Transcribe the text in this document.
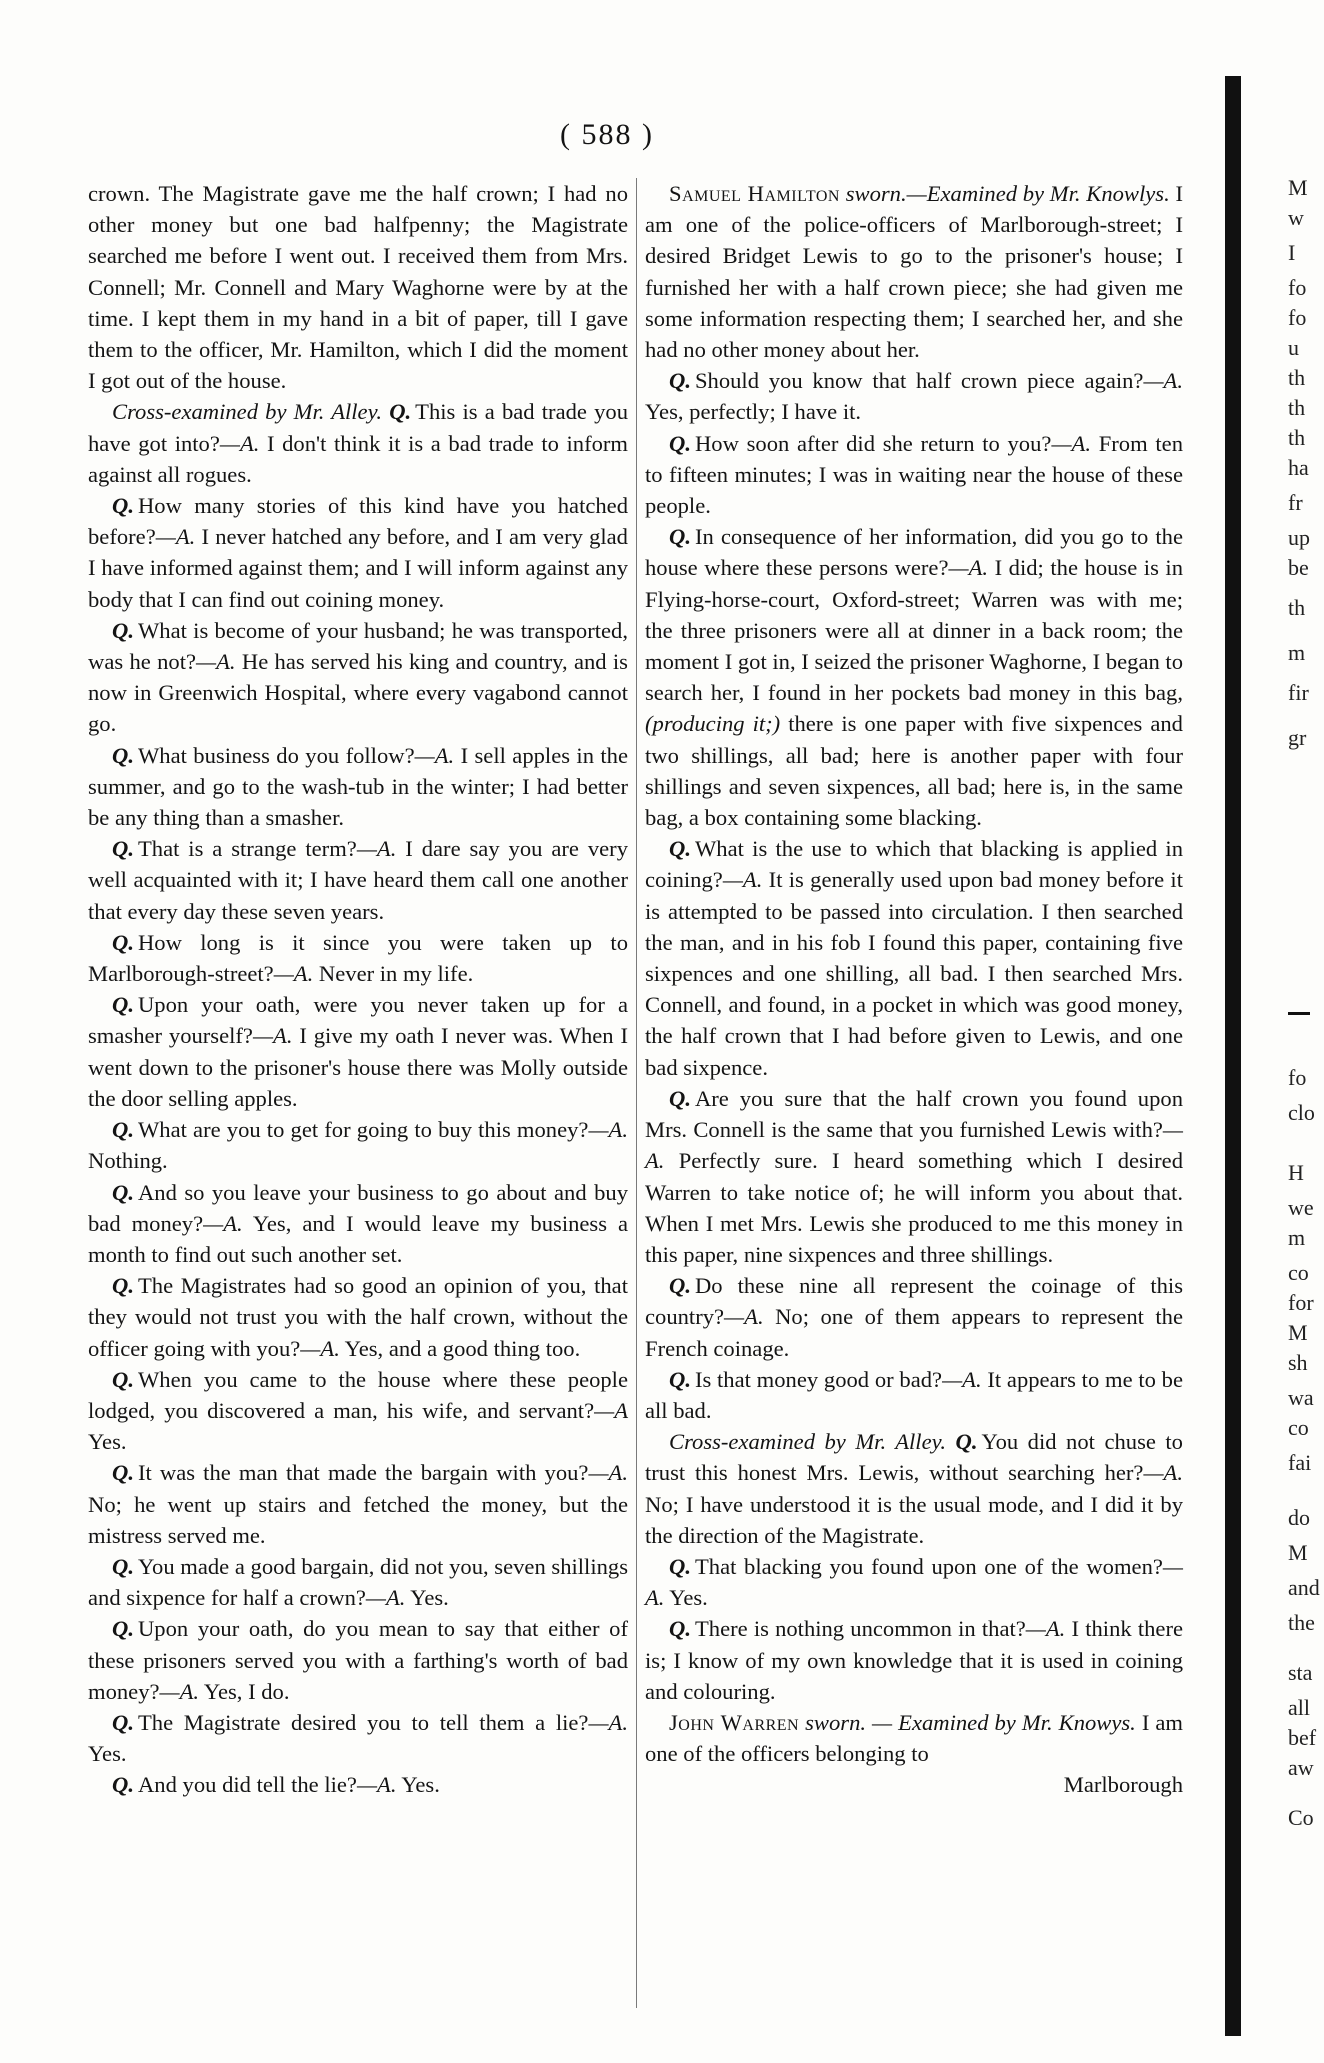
( 588 )

crown. The Magistrate gave me the half crown; I had no other money but one bad halfpenny; the Magistrate searched me before I went out. I received them from Mrs. Connell; Mr. Connell and Mary Waghorne were by at the time. I kept them in my hand in a bit of paper, till I gave them to the officer, Mr. Hamilton, which I did the moment I got out of the house.

Cross-examined by Mr. Alley. Q. This is a bad trade you have got into?—A. I don't think it is a bad trade to inform against all rogues.

Q. How many stories of this kind have you hatched before?—A. I never hatched any before, and I am very glad I have informed against them; and I will inform against any body that I can find out coining money.

Q. What is become of your husband; he was transported, was he not?—A. He has served his king and country, and is now in Greenwich Hospital, where every vagabond cannot go.

Q. What business do you follow?—A. I sell apples in the summer, and go to the wash-tub in the winter; I had better be any thing than a smasher.

Q. That is a strange term?—A. I dare say you are very well acquainted with it; I have heard them call one another that every day these seven years.

Q. How long is it since you were taken up to Marlborough-street?—A. Never in my life.

Q. Upon your oath, were you never taken up for a smasher yourself?—A. I give my oath I never was. When I went down to the prisoner's house there was Molly outside the door selling apples.

Q. What are you to get for going to buy this money?—A. Nothing.

Q. And so you leave your business to go about and buy bad money?—A. Yes, and I would leave my business a month to find out such another set.

Q. The Magistrates had so good an opinion of you, that they would not trust you with the half crown, without the officer going with you?—A. Yes, and a good thing too.

Q. When you came to the house where these people lodged, you discovered a man, his wife, and servant?—A Yes.

Q. It was the man that made the bargain with you?—A. No; he went up stairs and fetched the money, but the mistress served me.

Q. You made a good bargain, did not you, seven shillings and sixpence for half a crown?—A. Yes.

Q. Upon your oath, do you mean to say that either of these prisoners served you with a farthing's worth of bad money?—A. Yes, I do.

Q. The Magistrate desired you to tell them a lie?—A. Yes.

Q. And you did tell the lie?—A. Yes.

Samuel Hamilton sworn.—Examined by Mr. Knowlys. I am one of the police-officers of Marlborough-street; I desired Bridget Lewis to go to the prisoner's house; I furnished her with a half crown piece; she had given me some information respecting them; I searched her, and she had no other money about her.

Q. Should you know that half crown piece again?—A. Yes, perfectly; I have it.

Q. How soon after did she return to you?—A. From ten to fifteen minutes; I was in waiting near the house of these people.

Q. In consequence of her information, did you go to the house where these persons were?—A. I did; the house is in Flying-horse-court, Oxford-street; Warren was with me; the three prisoners were all at dinner in a back room; the moment I got in, I seized the prisoner Waghorne, I began to search her, I found in her pockets bad money in this bag, (producing it;) there is one paper with five sixpences and two shillings, all bad; here is another paper with four shillings and seven sixpences, all bad; here is, in the same bag, a box containing some blacking.

Q. What is the use to which that blacking is applied in coining?—A. It is generally used upon bad money before it is attempted to be passed into circulation. I then searched the man, and in his fob I found this paper, containing five sixpences and one shilling, all bad. I then searched Mrs. Connell, and found, in a pocket in which was good money, the half crown that I had before given to Lewis, and one bad sixpence.

Q. Are you sure that the half crown you found upon Mrs. Connell is the same that you furnished Lewis with?—A. Perfectly sure. I heard something which I desired Warren to take notice of; he will inform you about that. When I met Mrs. Lewis she produced to me this money in this paper, nine sixpences and three shillings.

Q. Do these nine all represent the coinage of this country?—A. No; one of them appears to represent the French coinage.

Q. Is that money good or bad?—A. It appears to me to be all bad.

Cross-examined by Mr. Alley. Q. You did not chuse to trust this honest Mrs. Lewis, without searching her?—A. No; I have understood it is the usual mode, and I did it by the direction of the Magistrate.

Q. That blacking you found upon one of the women?—A. Yes.

Q. There is nothing uncommon in that?—A. I think there is; I know of my own knowledge that it is used in coining and colouring.

John Warren sworn. — Examined by Mr. Knowys. I am one of the officers belonging to

Marlborough

M
w
I
fo
fo
u
th
th
th
ha
fr
up
be
th
m
fir
gr
fo
clo
H
we
m
co
for
M
sh
wa
co
fai
do
M
and
the
sta
all
bef
aw
Co
